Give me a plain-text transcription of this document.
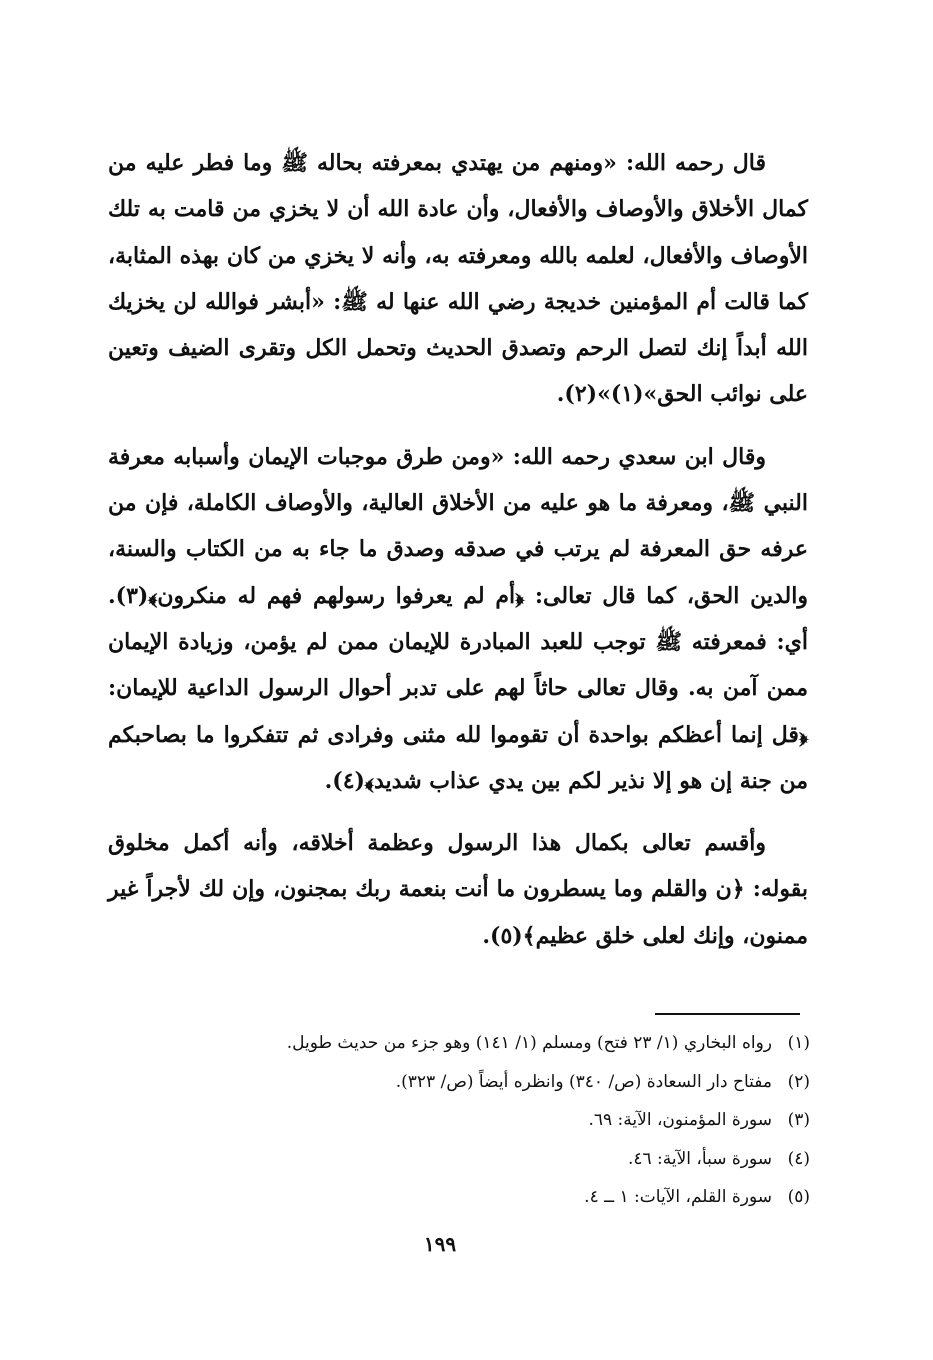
قال رحمه الله: «ومنهم من يهتدي بمعرفته بحاله ﷺ وما فطر عليه من كمال الأخلاق والأوصاف والأفعال، وأن عادة الله أن لا يخزي من قامت به تلك الأوصاف والأفعال، لعلمه بالله ومعرفته به، وأنه لا يخزي من كان بهذه المثابة، كما قالت أم المؤمنين خديجة رضي الله عنها له ﷺ: «أبشر فوالله لن يخزيك الله أبداً إنك لتصل الرحم وتصدق الحديث وتحمل الكل وتقرى الضيف وتعين على نوائب الحق»(١)»(٢).

وقال ابن سعدي رحمه الله: «ومن طرق موجبات الإيمان وأسبابه معرفة النبي ﷺ، ومعرفة ما هو عليه من الأخلاق العالية، والأوصاف الكاملة، فإن من عرفه حق المعرفة لم يرتب في صدقه وصدق ما جاء به من الكتاب والسنة، والدين الحق، كما قال تعالى: ﴿أم لم يعرفوا رسولهم فهم له منكرون﴾(٣). أي: فمعرفته ﷺ توجب للعبد المبادرة للإيمان ممن لم يؤمن، وزيادة الإيمان ممن آمن به. وقال تعالى حاثاً لهم على تدبر أحوال الرسول الداعية للإيمان: ﴿قل إنما أعظكم بواحدة أن تقوموا لله مثنى وفرادى ثم تتفكروا ما بصاحبكم من جنة إن هو إلا نذير لكم بين يدي عذاب شديد﴾(٤).

وأقسم تعالى بكمال هذا الرسول وعظمة أخلاقه، وأنه أكمل مخلوق بقوله: ﴿ن والقلم وما يسطرون ما أنت بنعمة ربك بمجنون، وإن لك لأجراً غير ممنون، وإنك لعلى خلق عظيم﴾(٥).

(١)
رواه البخاري (١/ ٢٣ فتح) ومسلم (١/ ١٤١) وهو جزء من حديث طويل.
(٢)
مفتاح دار السعادة (ص/ ٣٤٠) وانظره أيضاً (ص/ ٣٢٣).
(٣)
سورة المؤمنون، الآية: ٦٩.
(٤)
سورة سبأ، الآية: ٤٦.
(٥)
سورة القلم، الآيات: ١ ــ ٤.
١٩٩
